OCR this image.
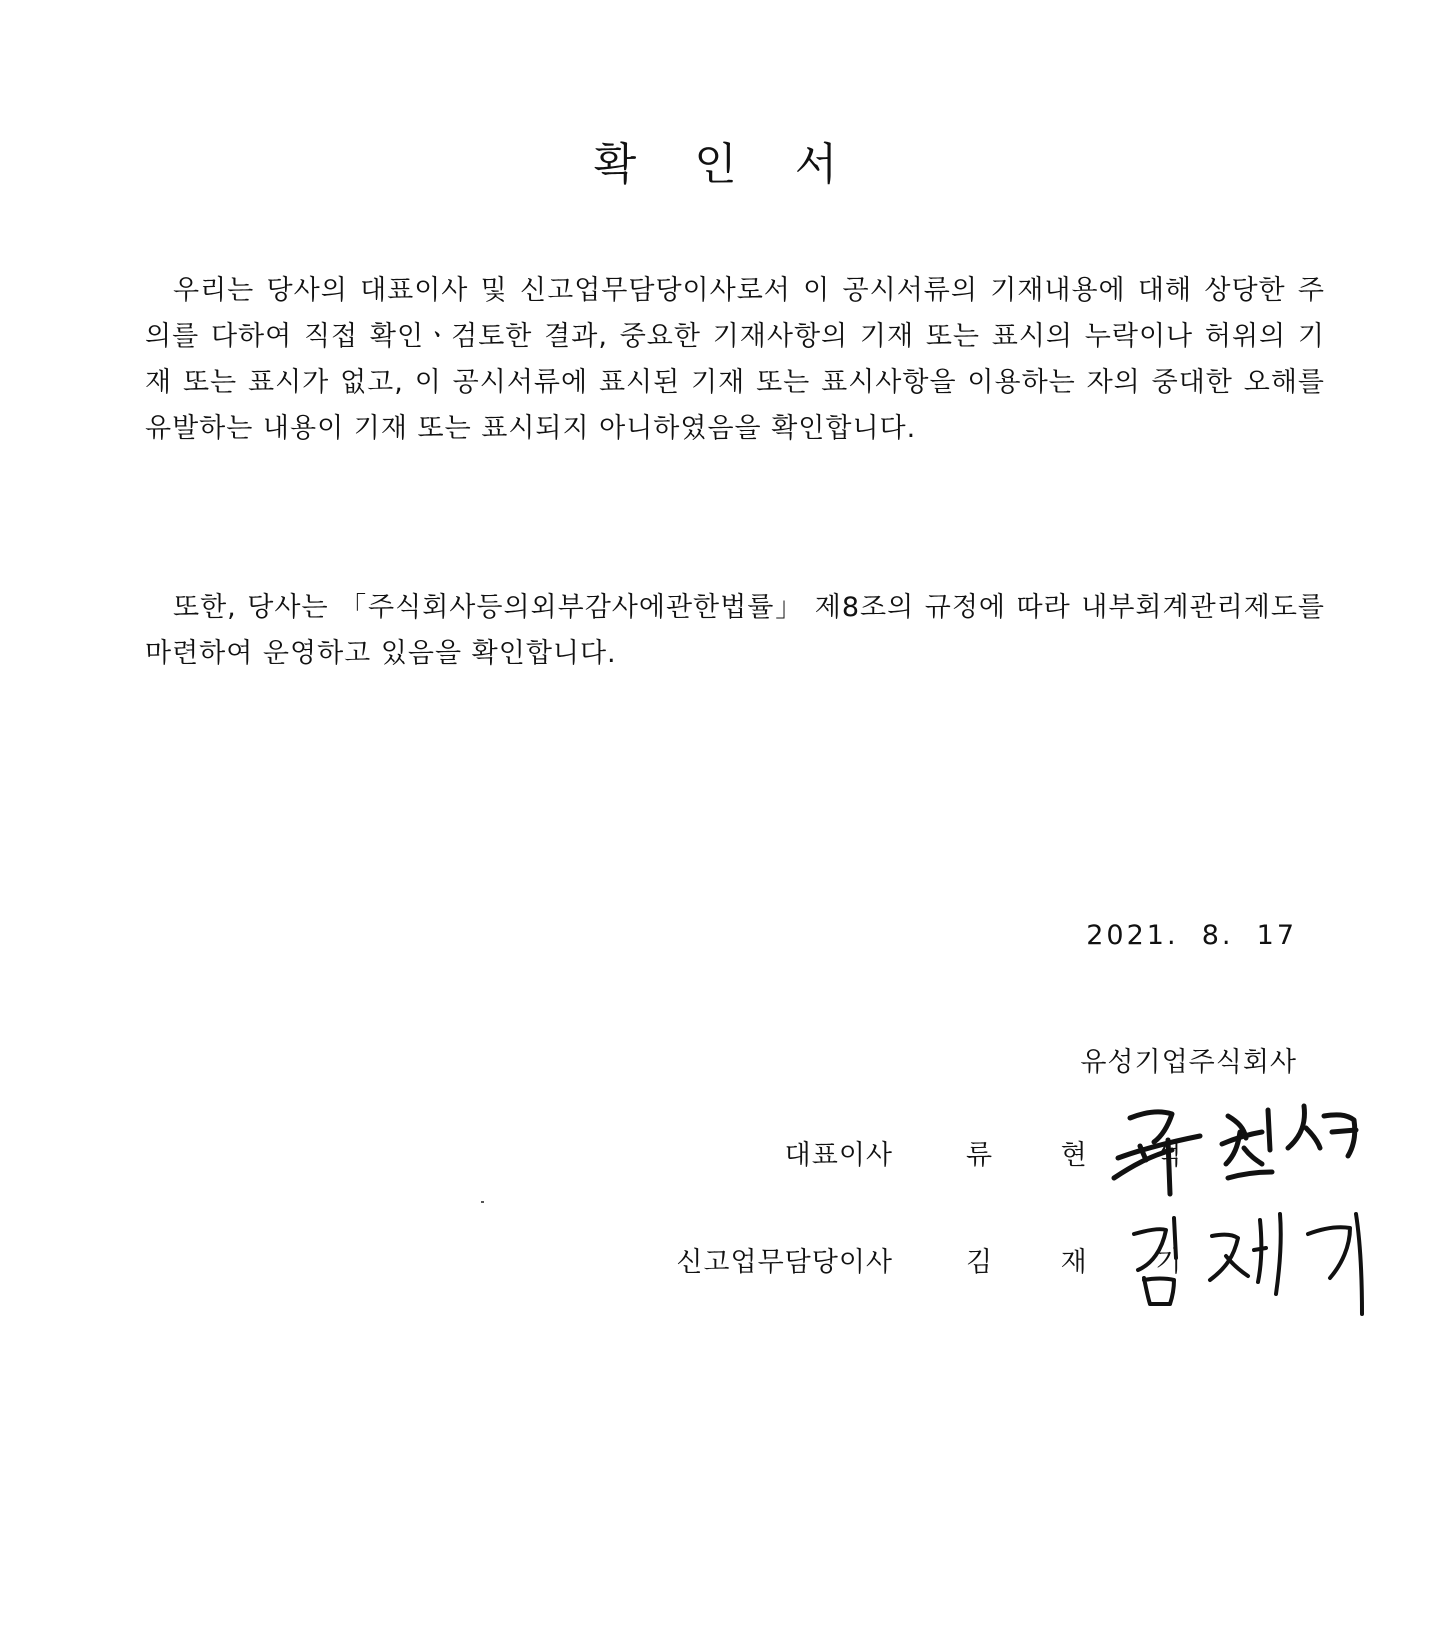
확 인 서
우리는 당사의 대표이사 및 신고업무담당이사로서 이 공시서류의 기재내용에 대해 상당한 주의를 다하여 직접 확인ㆍ검토한 결과, 중요한 기재사항의 기재 또는 표시의 누락이나 허위의 기재 또는 표시가 없고, 이 공시서류에 표시된 기재 또는 표시사항을 이용하는 자의 중대한 오해를 유발하는 내용이 기재 또는 표시되지 아니하였음을 확인합니다.
또한, 당사는 「주식회사등의외부감사에관한법률」 제8조의 규정에 따라 내부회계관리제도를 마련하여 운영하고 있음을 확인합니다.
2021.  8.  17
유성기업주식회사
대표이사	류 현 석
신고업무담당이사	김 재 기
